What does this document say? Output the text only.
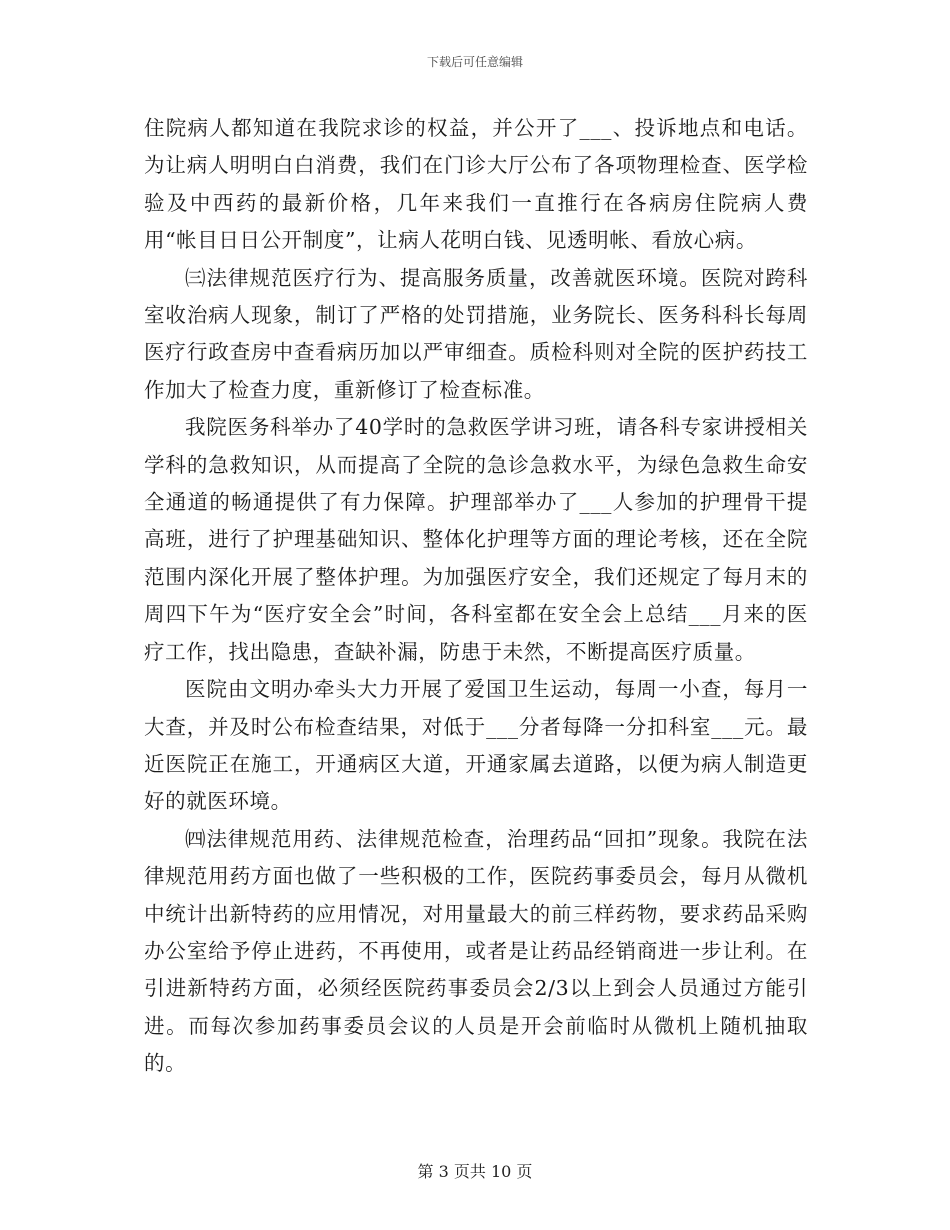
下载后可任意编辑

住院病人都知道在我院求诊的权益，并公开了___、投诉地点和电话。为让病人明明白白消费，我们在门诊大厅公布了各项物理检查、医学检验及中西药的最新价格，几年来我们一直推行在各病房住院病人费用“帐目日日公开制度”，让病人花明白钱、见透明帐、看放心病。

㈢法律规范医疗行为、提高服务质量，改善就医环境。医院对跨科室收治病人现象，制订了严格的处罚措施，业务院长、医务科科长每周医疗行政查房中查看病历加以严审细查。质检科则对全院的医护药技工作加大了检查力度，重新修订了检查标准。

我院医务科举办了40学时的急救医学讲习班，请各科专家讲授相关学科的急救知识，从而提高了全院的急诊急救水平，为绿色急救生命安全通道的畅通提供了有力保障。护理部举办了___人参加的护理骨干提高班，进行了护理基础知识、整体化护理等方面的理论考核，还在全院范围内深化开展了整体护理。为加强医疗安全，我们还规定了每月末的周四下午为“医疗安全会”时间，各科室都在安全会上总结___月来的医疗工作，找出隐患，查缺补漏，防患于未然，不断提高医疗质量。

医院由文明办牵头大力开展了爱国卫生运动，每周一小查，每月一大查，并及时公布检查结果，对低于___分者每降一分扣科室___元。最近医院正在施工，开通病区大道，开通家属去道路，以便为病人制造更好的就医环境。

㈣法律规范用药、法律规范检查，治理药品“回扣”现象。我院在法律规范用药方面也做了一些积极的工作，医院药事委员会，每月从微机中统计出新特药的应用情况，对用量最大的前三样药物，要求药品采购办公室给予停止进药，不再使用，或者是让药品经销商进一步让利。在引进新特药方面，必须经医院药事委员会2/3以上到会人员通过方能引进。而每次参加药事委员会议的人员是开会前临时从微机上随机抽取的。

第 3 页共 10 页
